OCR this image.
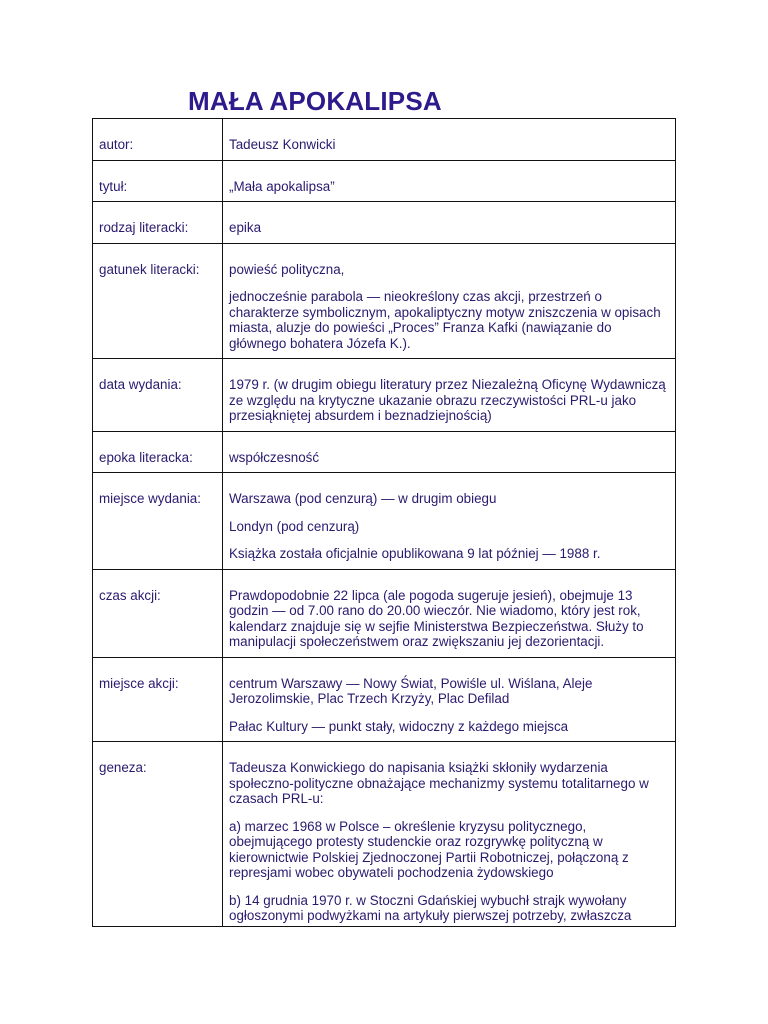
MAŁA APOKALIPSA
autor:	Tadeusz Konwicki

tytuł:	„Mała apokalipsa”

rodzaj literacki:	epika

gatunek literacki:	powieść polityczna,

jednocześnie parabola — nieokreślony czas akcji, przestrzeń o charakterze symbolicznym, apokaliptyczny motyw zniszczenia w opisach miasta, aluzje do powieści „Proces” Franza Kafki (nawiązanie do głównego bohatera Józefa K.).

data wydania:	1979 r. (w drugim obiegu literatury przez Niezależną Oficynę Wydawniczą ze względu na krytyczne ukazanie obrazu rzeczywistości PRL-u jako przesiąkniętej absurdem i beznadziejnością)

epoka literacka:	współczesność

miejsce wydania:	Warszawa (pod cenzurą) — w drugim obiegu

Londyn (pod cenzurą)

Książka została oficjalnie opublikowana 9 lat później — 1988 r.

czas akcji:	Prawdopodobnie 22 lipca (ale pogoda sugeruje jesień), obejmuje 13 godzin — od 7.00 rano do 20.00 wieczór. Nie wiadomo, który jest rok, kalendarz znajduje się w sejfie Ministerstwa Bezpieczeństwa. Służy to manipulacji społeczeństwem oraz zwiększaniu jej dezorientacji.

miejsce akcji:	centrum Warszawy — Nowy Świat, Powiśle ul. Wiślana, Aleje Jerozolimskie, Plac Trzech Krzyży, Plac Defilad

Pałac Kultury — punkt stały, widoczny z każdego miejsca

geneza:	Tadeusza Konwickiego do napisania książki skłoniły wydarzenia społeczno-polityczne obnażające mechanizmy systemu totalitarnego w czasach PRL-u:

a) marzec 1968 w Polsce – określenie kryzysu politycznego, obejmującego protesty studenckie oraz rozgrywkę polityczną w kierownictwie Polskiej Zjednoczonej Partii Robotniczej, połączoną z represjami wobec obywateli pochodzenia żydowskiego

b) 14 grudnia 1970 r. w Stoczni Gdańskiej wybuchł strajk wywołany ogłoszonymi podwyżkami na artykuły pierwszej potrzeby, zwłaszcza
